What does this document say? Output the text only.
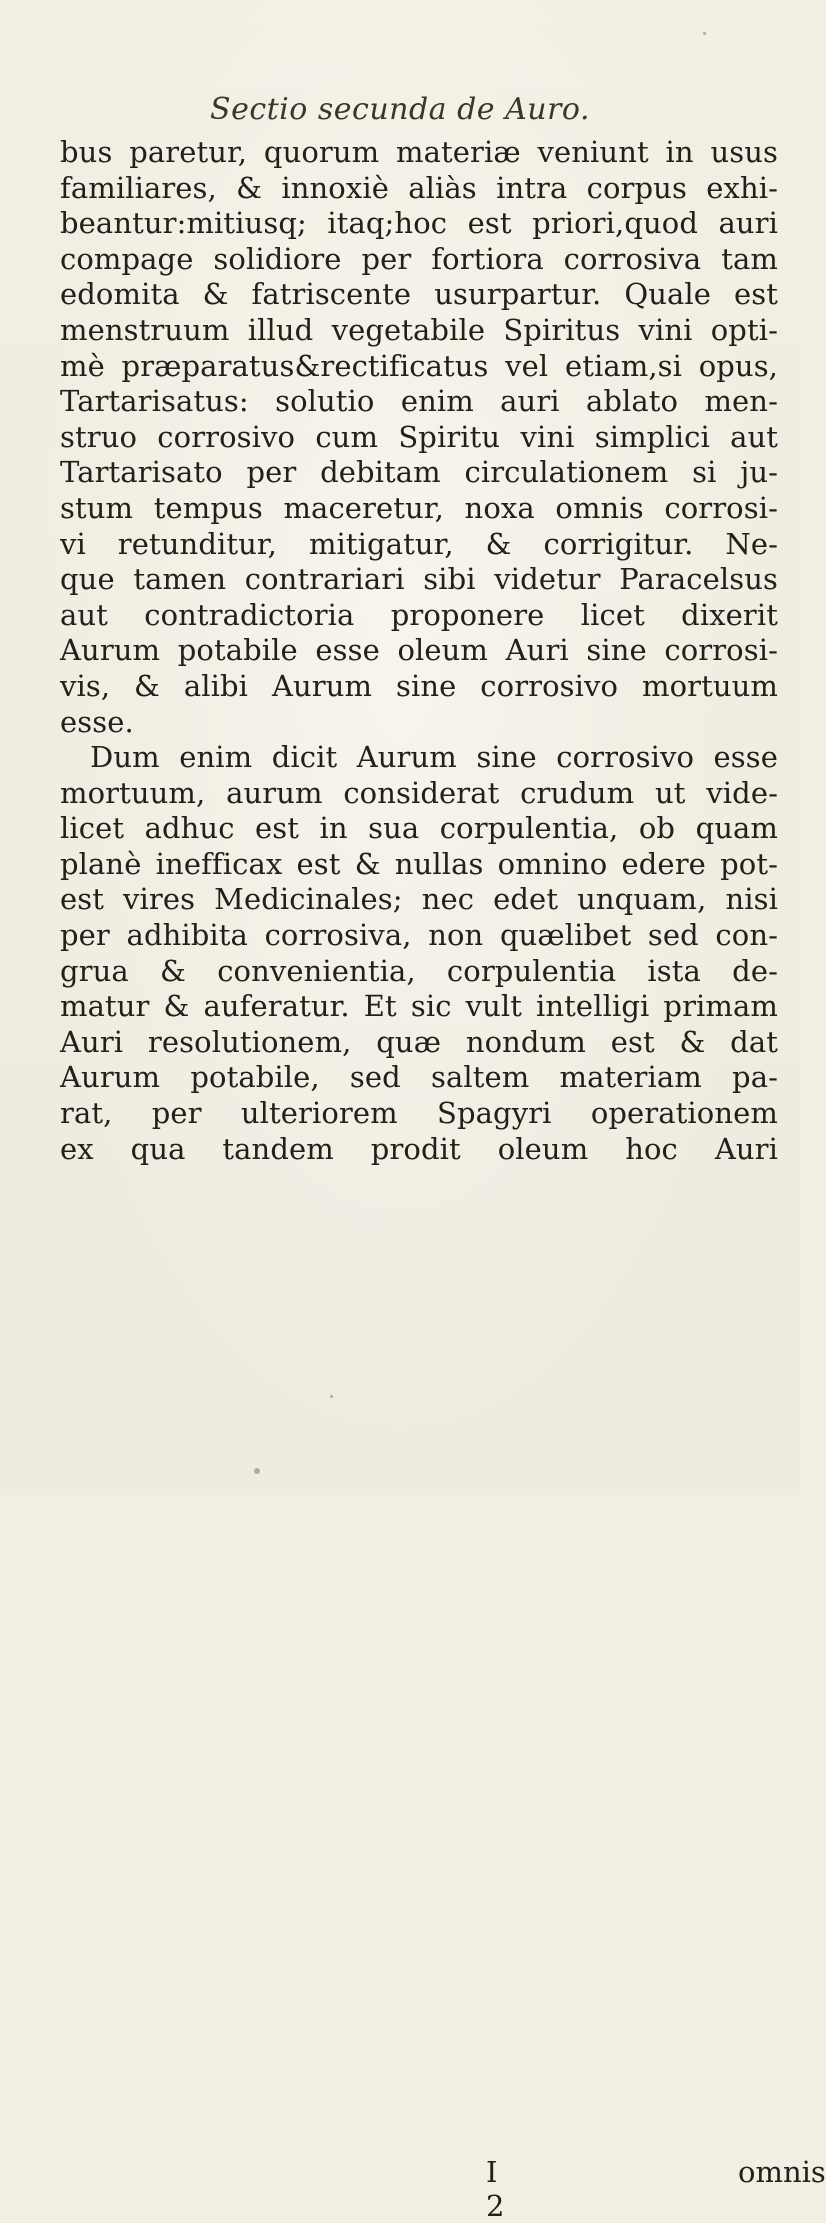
Sectio secunda de Auro.
bus paretur, quorum materiæ veniunt in usus
familiares, & innoxiè aliàs intra corpus exhi-
beantur:mitiusq; itaq;hoc est priori,quod auri
compage solidiore per fortiora corrosiva tam
edomita & fatriscente usurpartur. Quale est
menstruum illud vegetabile Spiritus vini opti-
mè præparatus&rectificatus vel etiam,si opus,
Tartarisatus: solutio enim auri ablato men-
struo corrosivo cum Spiritu vini simplici aut
Tartarisato per debitam circulationem si ju-
stum tempus maceretur, noxa omnis corrosi-
vi retunditur, mitigatur, & corrigitur. Ne-
que tamen contrariari sibi videtur Paracelsus
aut contradictoria proponere licet dixerit
Aurum potabile esse oleum Auri sine corrosi-
vis, & alibi Aurum sine corrosivo mortuum
esse.
Dum enim dicit Aurum sine corrosivo esse
mortuum, aurum considerat crudum ut vide-
licet adhuc est in sua corpulentia, ob quam
planè inefficax est & nullas omnino edere pot-
est vires Medicinales; nec edet unquam, nisi
per adhibita corrosiva, non quælibet sed con-
grua & convenientia, corpulentia ista de-
matur & auferatur. Et sic vult intelligi primam
Auri resolutionem, quæ nondum est & dat
Aurum potabile, sed saltem materiam pa-
rat, per ulteriorem Spagyri operationem
ex qua tandem prodit oleum hoc Auri
I 2
omnis
